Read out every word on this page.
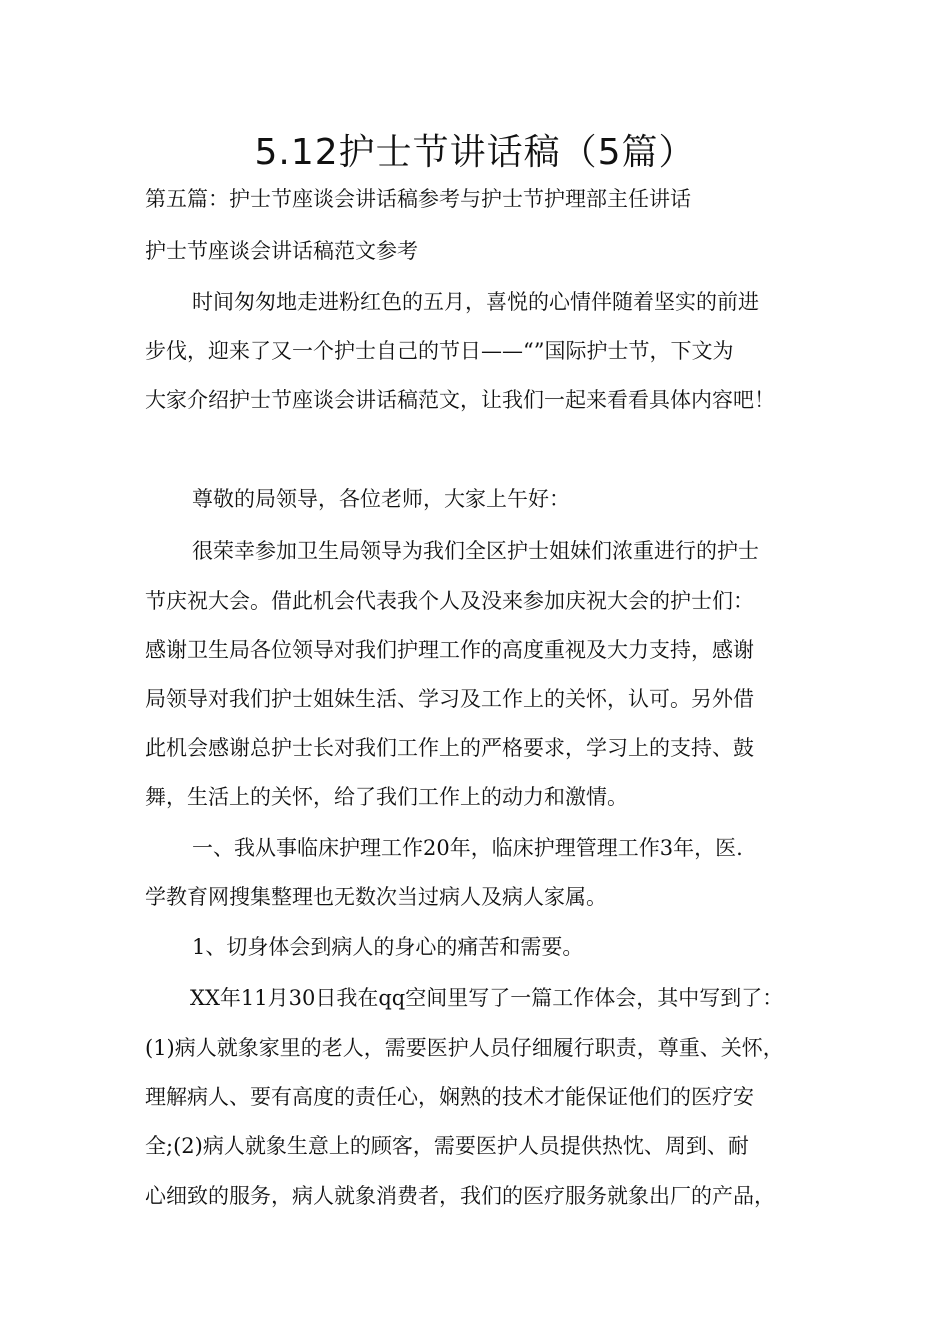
5.12护士节讲话稿（5篇）

第五篇：护士节座谈会讲话稿参考与护士节护理部主任讲话

护士节座谈会讲话稿范文参考

时间匆匆地走进粉红色的五月，喜悦的心情伴随着坚实的前进

步伐，迎来了又一个护士自己的节日——“”国际护士节，下文为

大家介绍护士节座谈会讲话稿范文，让我们一起来看看具体内容吧！

尊敬的局领导，各位老师，大家上午好：

很荣幸参加卫生局领导为我们全区护士姐妹们浓重进行的护士

节庆祝大会。借此机会代表我个人及没来参加庆祝大会的护士们：

感谢卫生局各位领导对我们护理工作的高度重视及大力支持，感谢

局领导对我们护士姐妹生活、学习及工作上的关怀，认可。另外借

此机会感谢总护士长对我们工作上的严格要求，学习上的支持、鼓

舞，生活上的关怀，给了我们工作上的动力和激情。

一、我从事临床护理工作20年，临床护理管理工作3年，医.

学教育网搜集整理也无数次当过病人及病人家属。

1、切身体会到病人的身心的痛苦和需要。

XX年11月30日我在qq空间里写了一篇工作体会，其中写到了：

(1)病人就象家里的老人，需要医护人员仔细履行职责，尊重、关怀，

理解病人、要有高度的责任心，娴熟的技术才能保证他们的医疗安

全;(2)病人就象生意上的顾客，需要医护人员提供热忱、周到、耐

心细致的服务，病人就象消费者，我们的医疗服务就象出厂的产品，
